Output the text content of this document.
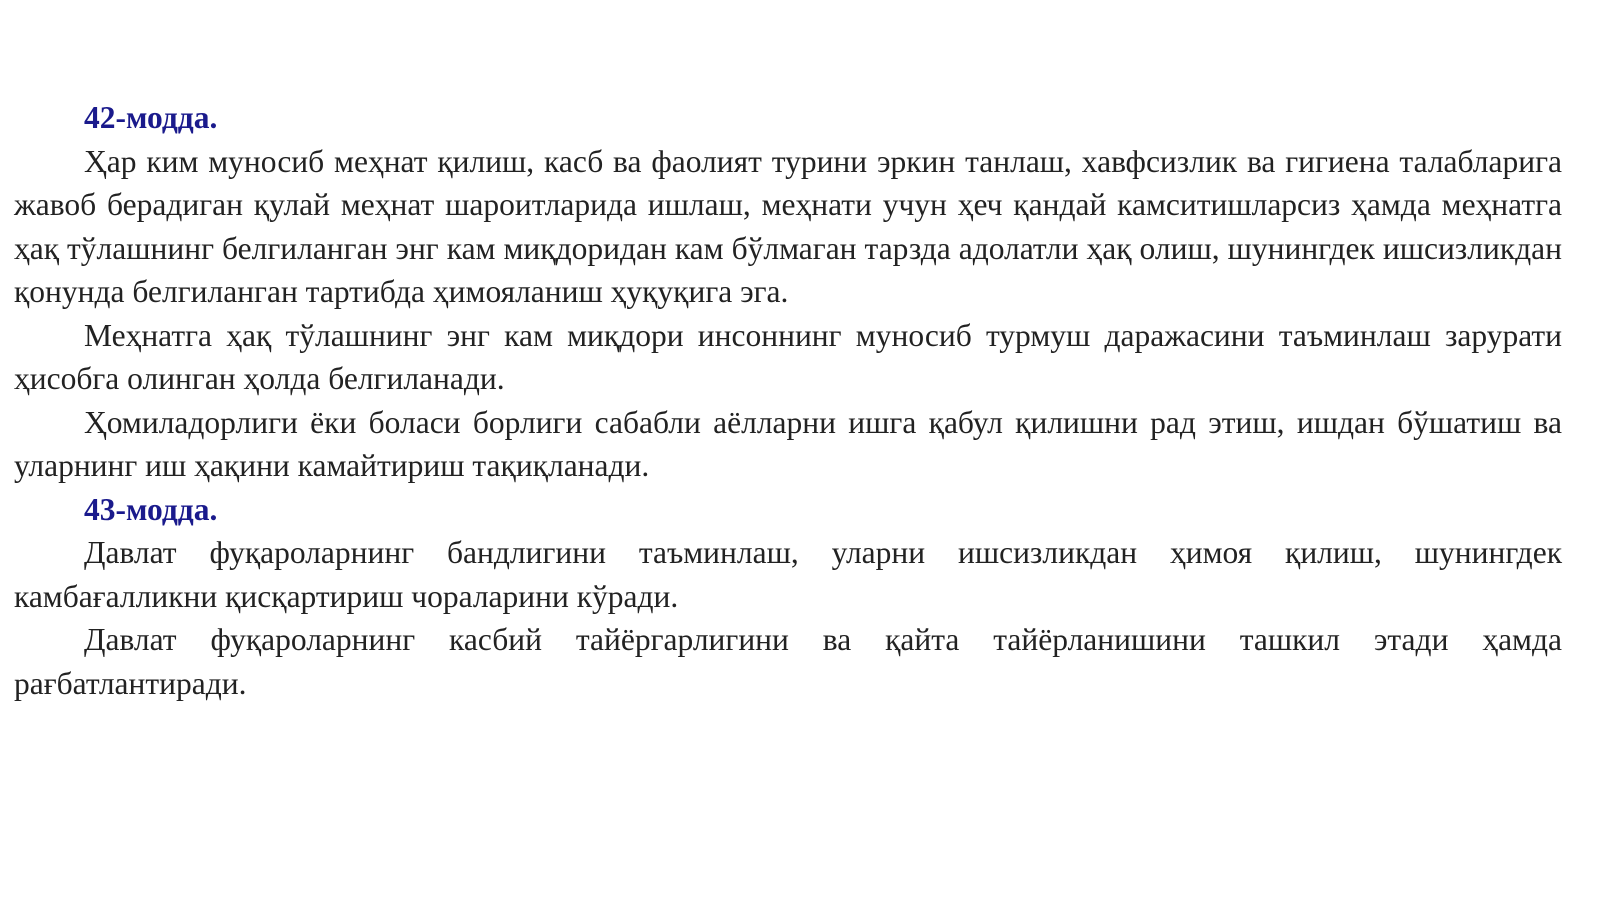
42-модда.

Ҳар ким муносиб меҳнат қилиш, касб ва фаолият турини эркин танлаш, хавфсизлик ва гигиена талабларига жавоб берадиган қулай меҳнат шароитларида ишлаш, меҳнати учун ҳеч қандай камситишларсиз ҳамда меҳнатга ҳақ тўлашнинг белгиланган энг кам миқдоридан кам бўлмаган тарзда адолатли ҳақ олиш, шунингдек ишсизликдан қонунда белгиланган тартибда ҳимояланиш ҳуқуқига эга.

Меҳнатга ҳақ тўлашнинг энг кам миқдори инсоннинг муносиб турмуш даражасини таъминлаш зарурати ҳисобга олинган ҳолда белгиланади.

Ҳомиладорлиги ёки боласи борлиги сабабли аёлларни ишга қабул қилишни рад этиш, ишдан бўшатиш ва уларнинг иш ҳақини камайтириш тақиқланади.

43-модда.

Давлат фуқароларнинг бандлигини таъминлаш, уларни ишсизликдан ҳимоя қилиш, шунингдек камбағалликни қисқартириш чораларини кўради.

Давлат фуқароларнинг касбий тайёргарлигини ва қайта тайёрланишини ташкил этади ҳамда рағбатлантиради.
